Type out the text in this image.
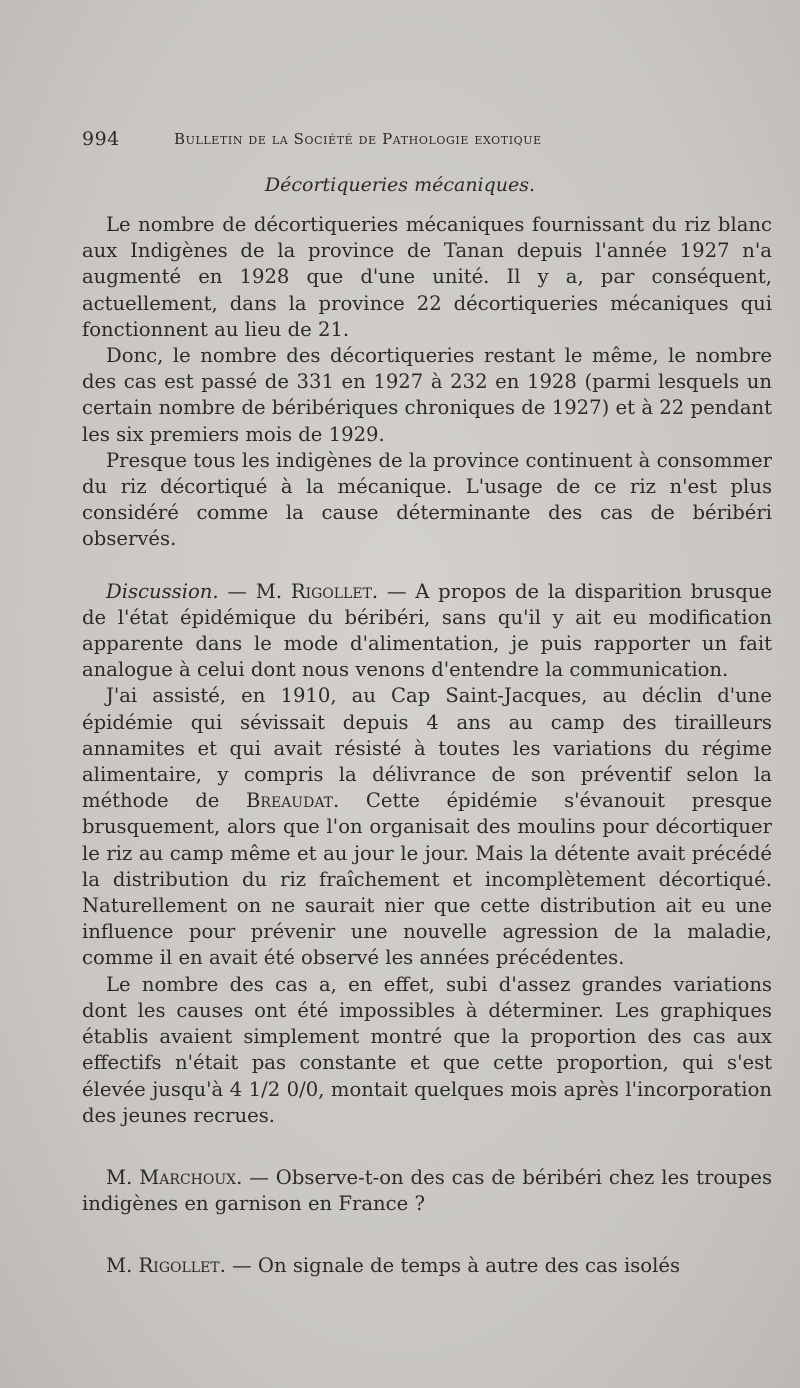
994	Bulletin de la Société de Pathologie exotique
Décortiqueries mécaniques.

Le nombre de décortiqueries mécaniques fournissant du riz blanc aux Indigènes de la province de Tanan depuis l'année 1927 n'a augmenté en 1928 que d'une unité. Il y a, par conséquent, actuellement, dans la province 22 décortiqueries mécaniques qui fonctionnent au lieu de 21.

Donc, le nombre des décortiqueries restant le même, le nombre des cas est passé de 331 en 1927 à 232 en 1928 (parmi lesquels un certain nombre de béribériques chroniques de 1927) et à 22 pendant les six premiers mois de 1929.

Presque tous les indigènes de la province continuent à consommer du riz décortiqué à la mécanique. L'usage de ce riz n'est plus considéré comme la cause déterminante des cas de béribéri observés.

Discussion. — M. Rigollet. — A propos de la disparition brusque de l'état épidémique du béribéri, sans qu'il y ait eu modification apparente dans le mode d'alimentation, je puis rapporter un fait analogue à celui dont nous venons d'entendre la communication.

J'ai assisté, en 1910, au Cap Saint-Jacques, au déclin d'une épidémie qui sévissait depuis 4 ans au camp des tirailleurs annamites et qui avait résisté à toutes les variations du régime alimentaire, y compris la délivrance de son préventif selon la méthode de Breaudat. Cette épidémie s'évanouit presque brusquement, alors que l'on organisait des moulins pour décortiquer le riz au camp même et au jour le jour. Mais la détente avait précédé la distribution du riz fraîchement et incomplètement décortiqué. Naturellement on ne saurait nier que cette distribution ait eu une influence pour prévenir une nouvelle agression de la maladie, comme il en avait été observé les années précédentes.

Le nombre des cas a, en effet, subi d'assez grandes variations dont les causes ont été impossibles à déterminer. Les graphiques établis avaient simplement montré que la proportion des cas aux effectifs n'était pas constante et que cette proportion, qui s'est élevée jusqu'à 4 1/2 0/0, montait quelques mois après l'incorporation des jeunes recrues.

M. Marchoux. — Observe-t-on des cas de béribéri chez les troupes indigènes en garnison en France ?

M. Rigollet. — On signale de temps à autre des cas isolés
